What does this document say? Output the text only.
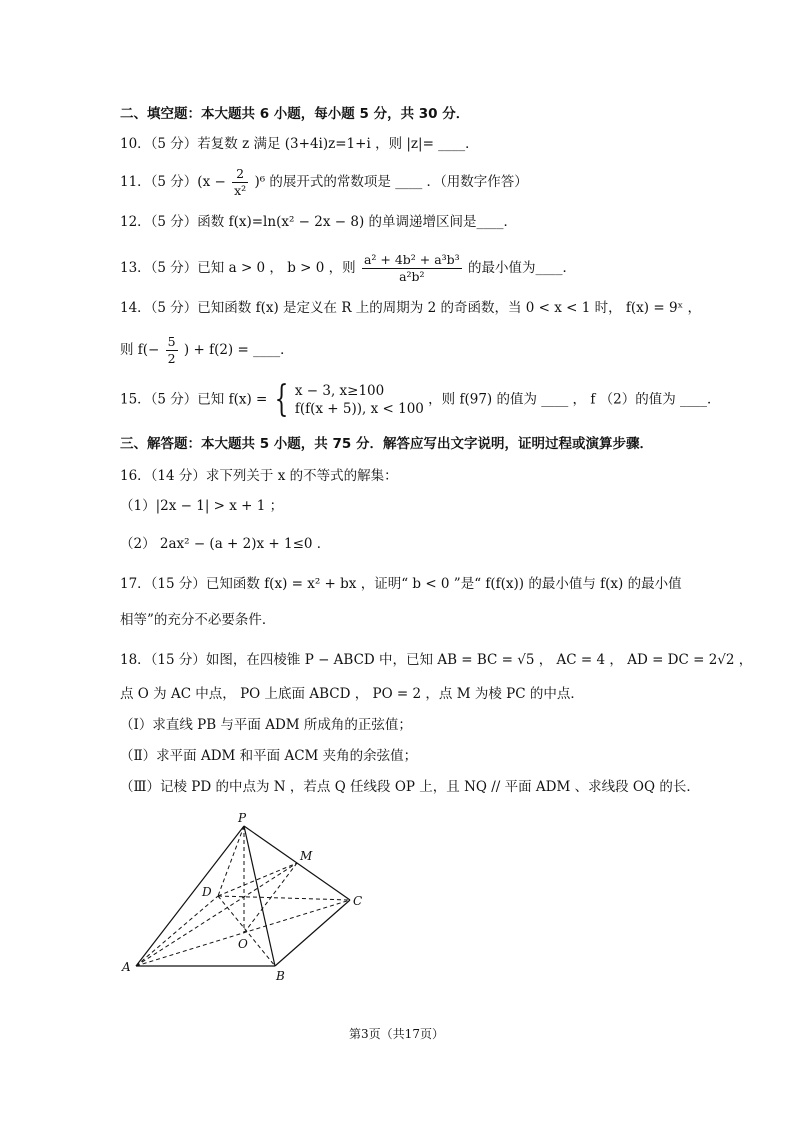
二、填空题：本大题共 6 小题，每小题 5 分，共 30 分．
10．（5 分）若复数 z 满足 (3+4i)z=1+i ，则 |z|= ____．
11．（5 分）$(x - \frac{2}{\text{x²}} )^6$ 的展开式的常数项是 ____ ．（用数字作答）
12．（5 分）函数 f(x)=ln(x² − 2x − 8) 的单调递增区间是____．
13．（5 分）已知 a > 0 ， b > 0 ，则 $\frac{\text{a² + 4b² + a³b³}}{\text{a²b²}}$ 的最小值为____．
14．（5 分）已知函数 f(x) 是定义在 R 上的周期为 2 的奇函数，当 0 < x < 1 时， f(x) = 9ˣ ，
则 $f(- \frac{5}{2}$ ) + f(2) = ____．
15．（5 分）已知 f(x) = { x − 3, x≥100
f(f(x + 5)), x < 100
，则 f(97) 的值为 ____ ， f （2）的值为 ____．
三、解答题：本大题共 5 小题，共 75 分．解答应写出文字说明，证明过程或演算步骤．
16．（14 分）求下列关于 x 的不等式的解集：
（1）|2x − 1| > x + 1 ；
（2） 2ax² − (a + 2)x + 1≤0 ．
17．（15 分）已知函数 f(x) = x² + bx ，证明“ b < 0 ”是“ f(f(x)) 的最小值与 f(x) 的最小值
相等”的充分不必要条件．
18．（15 分）如图，在四棱锥 P − ABCD 中，已知 AB = BC = √5 ， AC = 4 ， AD = DC = 2√2 ，
点 O 为 AC 中点， PO 上底面 ABCD ， PO = 2 ，点 M 为棱 PC 的中点．
（Ⅰ）求直线 PB 与平面 ADM 所成角的正弦值；
（Ⅱ）求平面 ADM 和平面 ACM 夹角的余弦值；
（Ⅲ）记棱 PD 的中点为 N ，若点 Q 任线段 OP 上，且 NQ // 平面 ADM 、求线段 OQ 的长．
P
M
D
C
O
A
B
第3页（共17页）
